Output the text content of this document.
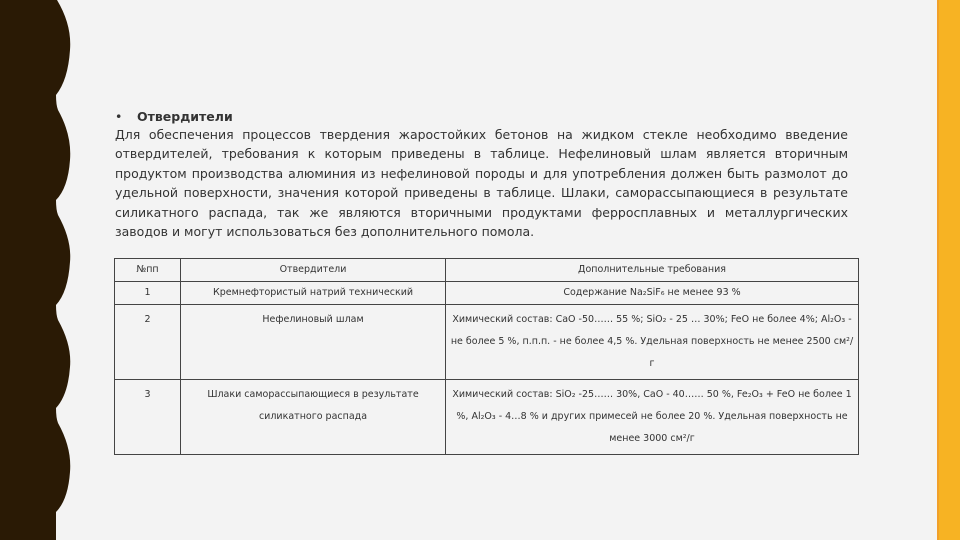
• Отвердители
Для обеспечения процессов твердения жаростойких бетонов на жидком стекле необходимо введение отвердителей, требования к которым приведены в таблице. Нефелиновый шлам является вторичным продуктом производства алюминия из нефелиновой породы и для употребления должен быть размолот до удельной поверхности, значения которой приведены в таблице. Шлаки, саморассыпающиеся в результате силикатного распада, так же являются вторичными продуктами ферросплавных и металлургических заводов и могут использоваться без дополнительного помола.
№пп	Отвердители	Дополнительные требования
1	Кремнефтористый натрий технический	Содержание Na₂SiF₆ не менее 93 %
2	Нефелиновый шлам	Химический состав: CaO -50…… 55 %; SiO₂ - 25 … 30%; FeO не более 4%; Al₂O₃ - не более 5 %, п.п.п. - не более 4,5 %. Удельная поверхность не менее 2500 см²/г
3	Шлаки саморассыпающиеся в результате силикатного распада	Химический состав: SiO₂ -25…… 30%, CaO - 40…… 50 %, Fe₂O₃ + FeO не более 1 %, Al₂O₃ - 4…8 % и других примесей не более 20 %. Удельная поверхность не менее 3000 см²/г
